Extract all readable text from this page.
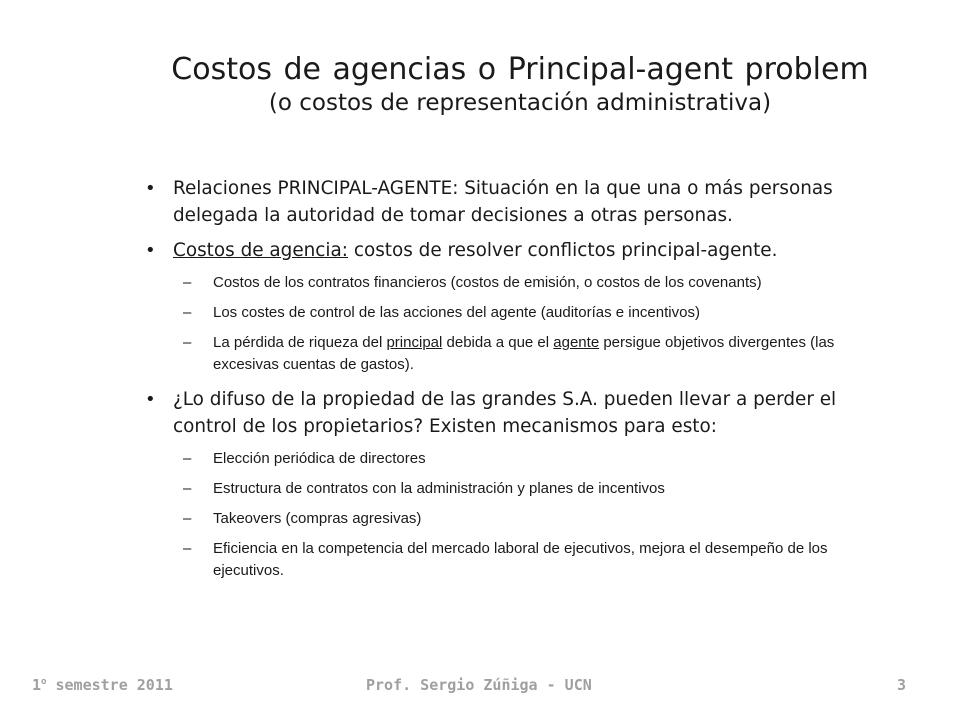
Costos de agencias o Principal-agent problem
(o costos de representación administrativa)
• Relaciones PRINCIPAL-AGENTE: Situación en la que una o más personas delegada la autoridad de tomar decisiones a otras personas.
• Costos de agencia: costos de resolver conflictos principal-agente.
– Costos de los contratos financieros (costos de emisión, o costos de los covenants)
– Los costes de control de las acciones del agente (auditorías e incentivos)
– La pérdida de riqueza del principal debida a que el agente persigue objetivos divergentes (las excesivas cuentas de gastos).
• ¿Lo difuso de la propiedad de las grandes S.A. pueden llevar a perder el control de los propietarios? Existen mecanismos para esto:
– Elección periódica de directores
– Estructura de contratos con la administración y planes de incentivos
– Takeovers (compras agresivas)
– Eficiencia en la competencia del mercado laboral de ejecutivos, mejora el desempeño de los ejecutivos.
1$^o$ semestre 2011	Prof. Sergio Zúñiga - UCN	3
